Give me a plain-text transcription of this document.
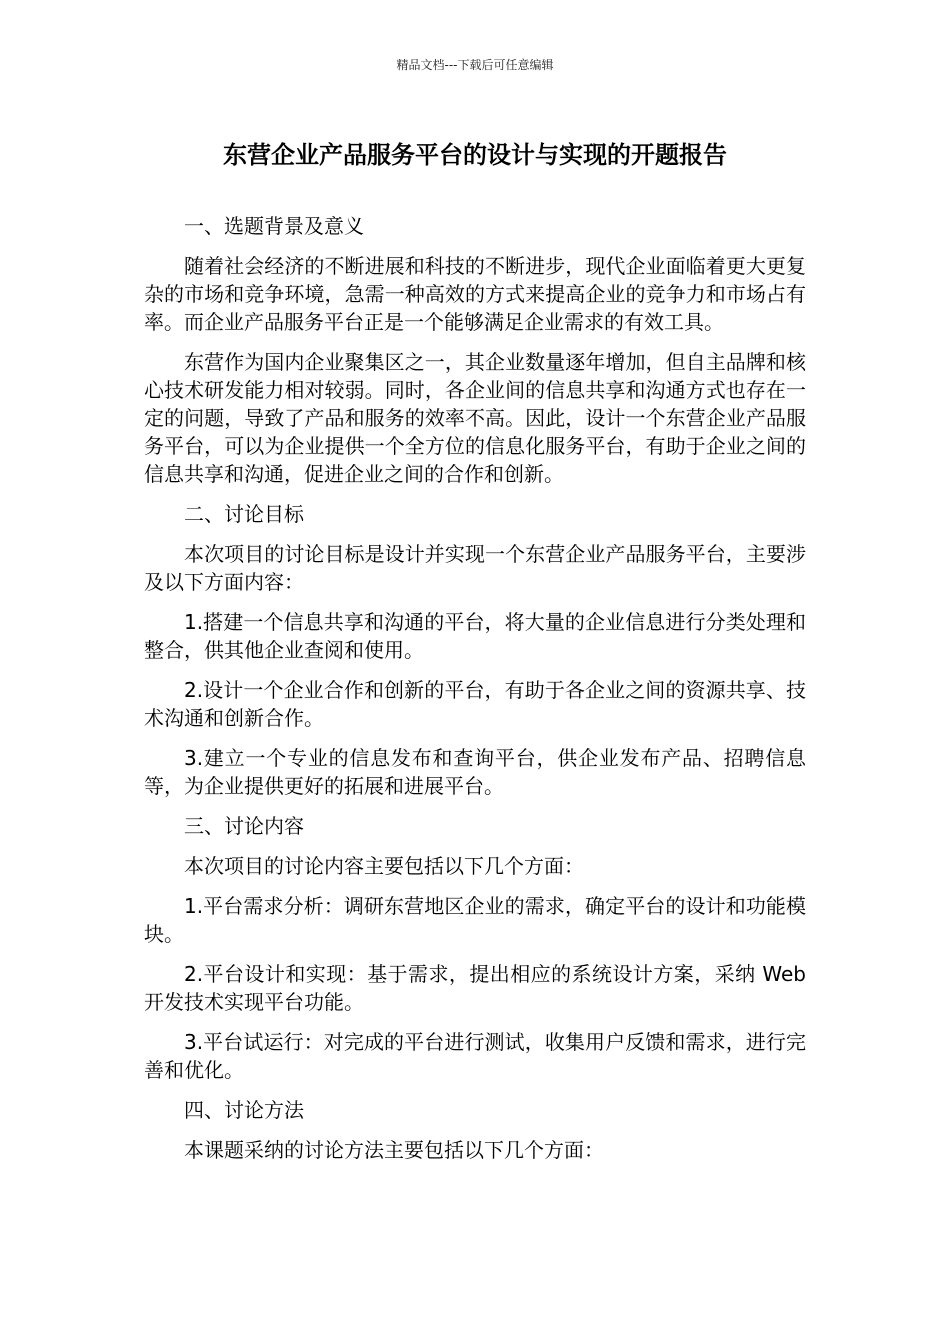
精品文档---下载后可任意编辑
东营企业产品服务平台的设计与实现的开题报告

一、选题背景及意义

随着社会经济的不断进展和科技的不断进步，现代企业面临着更大更复杂的市场和竞争环境，急需一种高效的方式来提高企业的竞争力和市场占有率。而企业产品服务平台正是一个能够满足企业需求的有效工具。

东营作为国内企业聚集区之一，其企业数量逐年增加，但自主品牌和核心技术研发能力相对较弱。同时，各企业间的信息共享和沟通方式也存在一定的问题，导致了产品和服务的效率不高。因此，设计一个东营企业产品服务平台，可以为企业提供一个全方位的信息化服务平台，有助于企业之间的信息共享和沟通，促进企业之间的合作和创新。

二、讨论目标

本次项目的讨论目标是设计并实现一个东营企业产品服务平台，主要涉及以下方面内容：

1.搭建一个信息共享和沟通的平台，将大量的企业信息进行分类处理和整合，供其他企业查阅和使用。

2.设计一个企业合作和创新的平台，有助于各企业之间的资源共享、技术沟通和创新合作。

3.建立一个专业的信息发布和查询平台，供企业发布产品、招聘信息等，为企业提供更好的拓展和进展平台。

三、讨论内容

本次项目的讨论内容主要包括以下几个方面：

1.平台需求分析：调研东营地区企业的需求，确定平台的设计和功能模块。

2.平台设计和实现：基于需求，提出相应的系统设计方案，采纳 Web 开发技术实现平台功能。

3.平台试运行：对完成的平台进行测试，收集用户反馈和需求，进行完善和优化。

四、讨论方法

本课题采纳的讨论方法主要包括以下几个方面：
